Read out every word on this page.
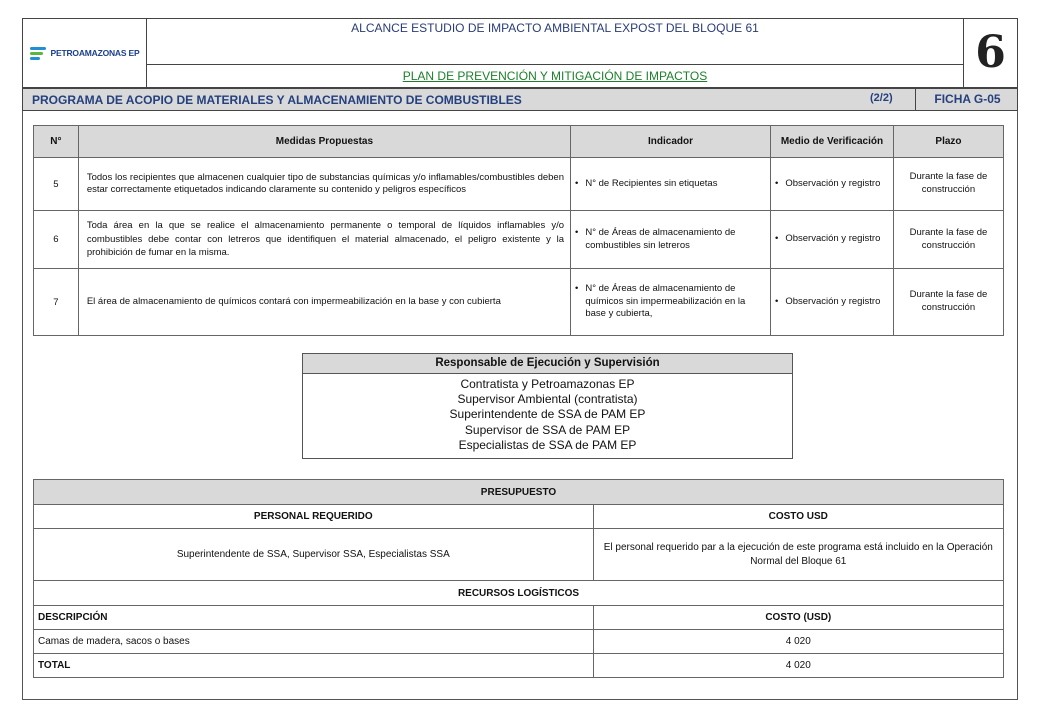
PETROAMAZONAS EP
ALCANCE ESTUDIO DE IMPACTO AMBIENTAL EXPOST DEL BLOQUE 61
PLAN DE PREVENCIÓN Y MITIGACIÓN DE IMPACTOS	6
PROGRAMA DE ACOPIO DE MATERIALES Y ALMACENAMIENTO DE COMBUSTIBLES	(2/2)	FICHA G-05
N°	Medidas Propuestas	Indicador	Medio de Verificación	Plazo
5	Todos los recipientes que almacenen cualquier tipo de substancias químicas y/o inflamables/combustibles deben estar correctamente etiquetados indicando claramente su contenido y peligros específicos	• N° de Recipientes sin etiquetas	• Observación y registro	Durante la fase de construcción
6	Toda área en la que se realice el almacenamiento permanente o temporal de líquidos inflamables y/o combustibles debe contar con letreros que identifiquen el material almacenado, el peligro existente y la prohibición de fumar en la misma.	• N° de Áreas de almacenamiento de combustibles sin letreros	• Observación y registro	Durante la fase de construcción
7	El área de almacenamiento de químicos contará con impermeabilización en la base y con cubierta	• N° de Áreas de almacenamiento de químicos sin impermeabilización en la base y cubierta,	• Observación y registro	Durante la fase de construcción
Responsable de Ejecución y Supervisión
Contratista y Petroamazonas EP
Supervisor Ambiental (contratista)
Superintendente de SSA de PAM EP
Supervisor de SSA de PAM EP
Especialistas de SSA de PAM EP
PRESUPUESTO	
PERSONAL REQUERIDO	COSTO USD
Superintendente de SSA, Supervisor SSA, Especialistas SSA	El personal requerido par a la ejecución de este programa está incluido en la Operación Normal del Bloque 61
RECURSOS LOGÍSTICOS	
DESCRIPCIÓN	COSTO (USD)
Camas de madera, sacos o bases	4 020
TOTAL	4 020
